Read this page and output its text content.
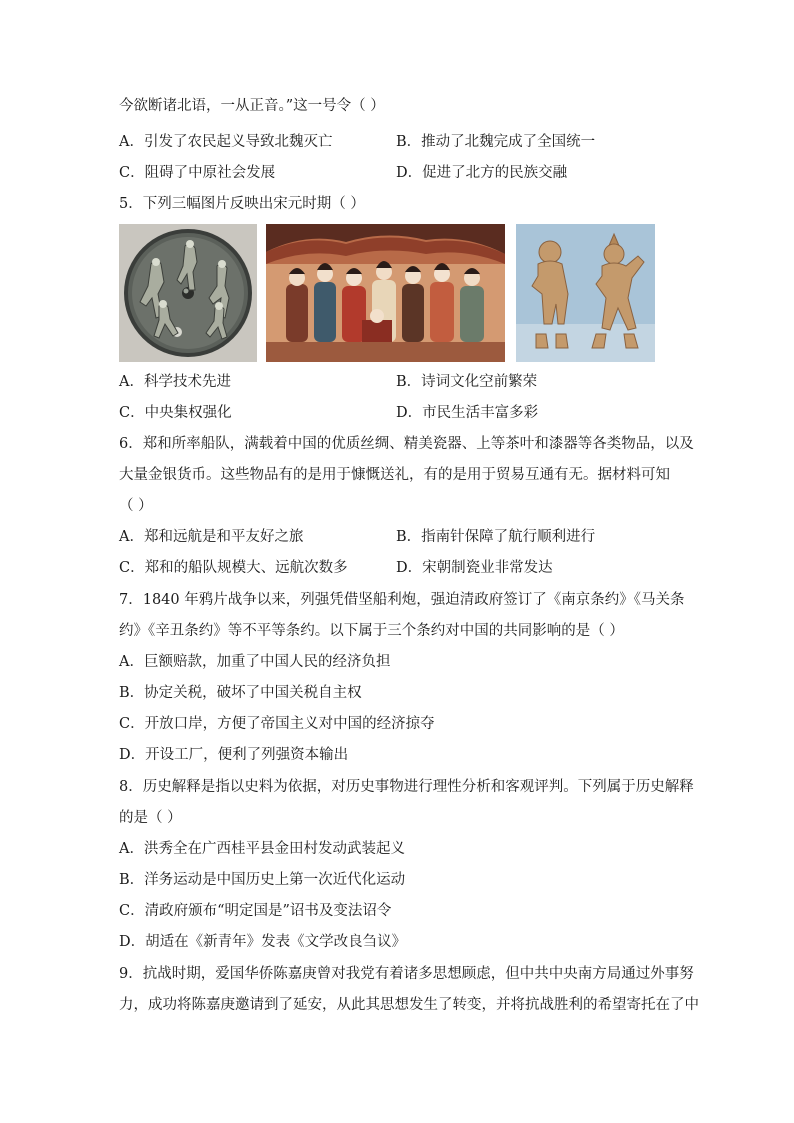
今欲断诸北语，一从正音。”这一号令（ ）
A．引发了农民起义导致北魏灭亡	B．推动了北魏完成了全国统一
C．阻碍了中原社会发展	D．促进了北方的民族交融
5．下列三幅图片反映出宋元时期（ ）
A．科学技术先进	B．诗词文化空前繁荣
C．中央集权强化	D．市民生活丰富多彩
6．郑和所率船队，满载着中国的优质丝绸、精美瓷器、上等茶叶和漆器等各类物品，以及
大量金银货币。这些物品有的是用于慷慨送礼，有的是用于贸易互通有无。据材料可知
（ ）
A．郑和远航是和平友好之旅	B．指南针保障了航行顺利进行
C．郑和的船队规模大、远航次数多	D．宋朝制瓷业非常发达
7．1840 年鸦片战争以来，列强凭借坚船利炮，强迫清政府签订了《南京条约》《马关条
约》《辛丑条约》等不平等条约。以下属于三个条约对中国的共同影响的是（ ）
A．巨额赔款，加重了中国人民的经济负担
B．协定关税，破坏了中国关税自主权
C．开放口岸，方便了帝国主义对中国的经济掠夺
D．开设工厂，便利了列强资本输出
8．历史解释是指以史料为依据，对历史事物进行理性分析和客观评判。下列属于历史解释
的是（ ）
A．洪秀全在广西桂平县金田村发动武装起义
B．洋务运动是中国历史上第一次近代化运动
C．清政府颁布“明定国是”诏书及变法诏令
D．胡适在《新青年》发表《文学改良刍议》
9．抗战时期，爱国华侨陈嘉庚曾对我党有着诸多思想顾虑，但中共中央南方局通过外事努
力，成功将陈嘉庚邀请到了延安，从此其思想发生了转变，并将抗战胜利的希望寄托在了中
